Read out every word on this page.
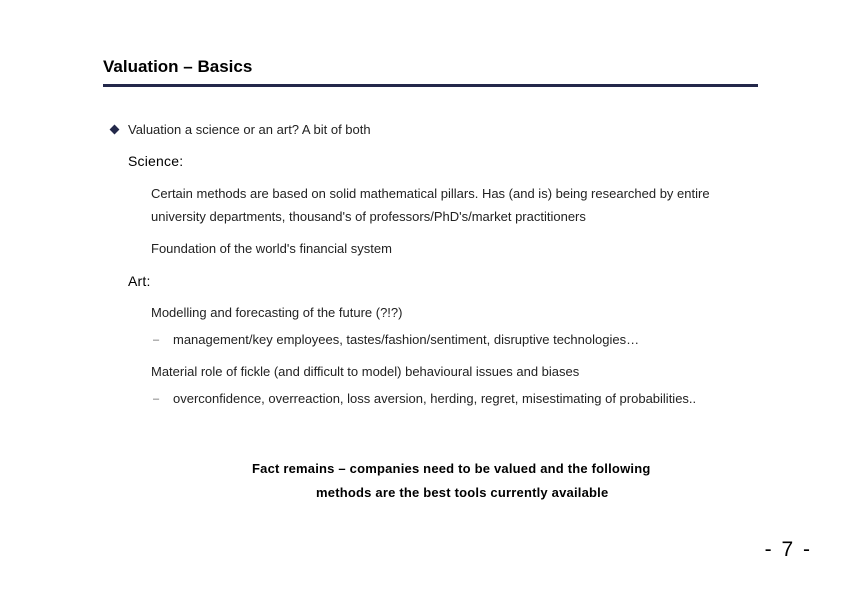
Valuation – Basics
Valuation a science or an art? A bit of both
Science:
Certain methods are based on solid mathematical pillars. Has (and is) being researched by entire
university departments, thousand's of professors/PhD's/market practitioners
Foundation of the world's financial system
Art:
Modelling and forecasting of the future (?!?)
– management/key employees, tastes/fashion/sentiment, disruptive technologies…
Material role of fickle (and difficult to model) behavioural issues and biases
– overconfidence, overreaction, loss aversion, herding, regret, misestimating of probabilities..
Fact remains – companies need to be valued and the following
methods are the best tools currently available
- 7 -
